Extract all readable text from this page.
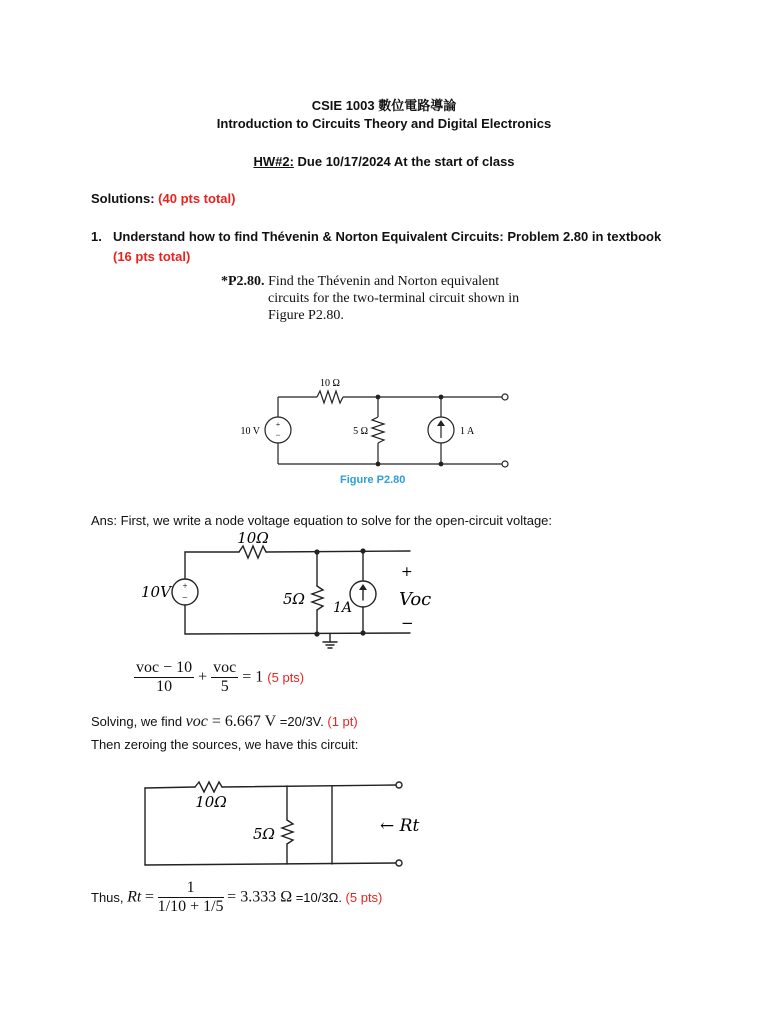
CSIE 1003 數位電路導論
Introduction to Circuits Theory and Digital Electronics
HW#2: Due 10/17/2024 At the start of class
Solutions: (40 pts total)
1. Understand how to find Thévenin & Norton Equivalent Circuits: Problem 2.80 in textbook
(16 pts total)
*P2.80. Find the Thévenin and Norton equivalent
circuits for the two-terminal circuit shown in
Figure P2.80.
+
−
10 Ω
10 V	5 Ω	1 A
Figure P2.80
Ans: First, we write a node voltage equation to solve for the open-circuit voltage:
+
−
10Ω
10V	5Ω 1A
+
Voc
−
voc − 10
10
+
voc
5
= 1 (5 pts)
Solving, we find voc = 6.667 V =20/3V. (1 pt)
Then zeroing the sources, we have this circuit:
10Ω
5Ω	← Rt
Thus, $Rt = \frac{1}{1/10 + 1/5} = 3.333$ Ω =10/3Ω. (5 pts)
